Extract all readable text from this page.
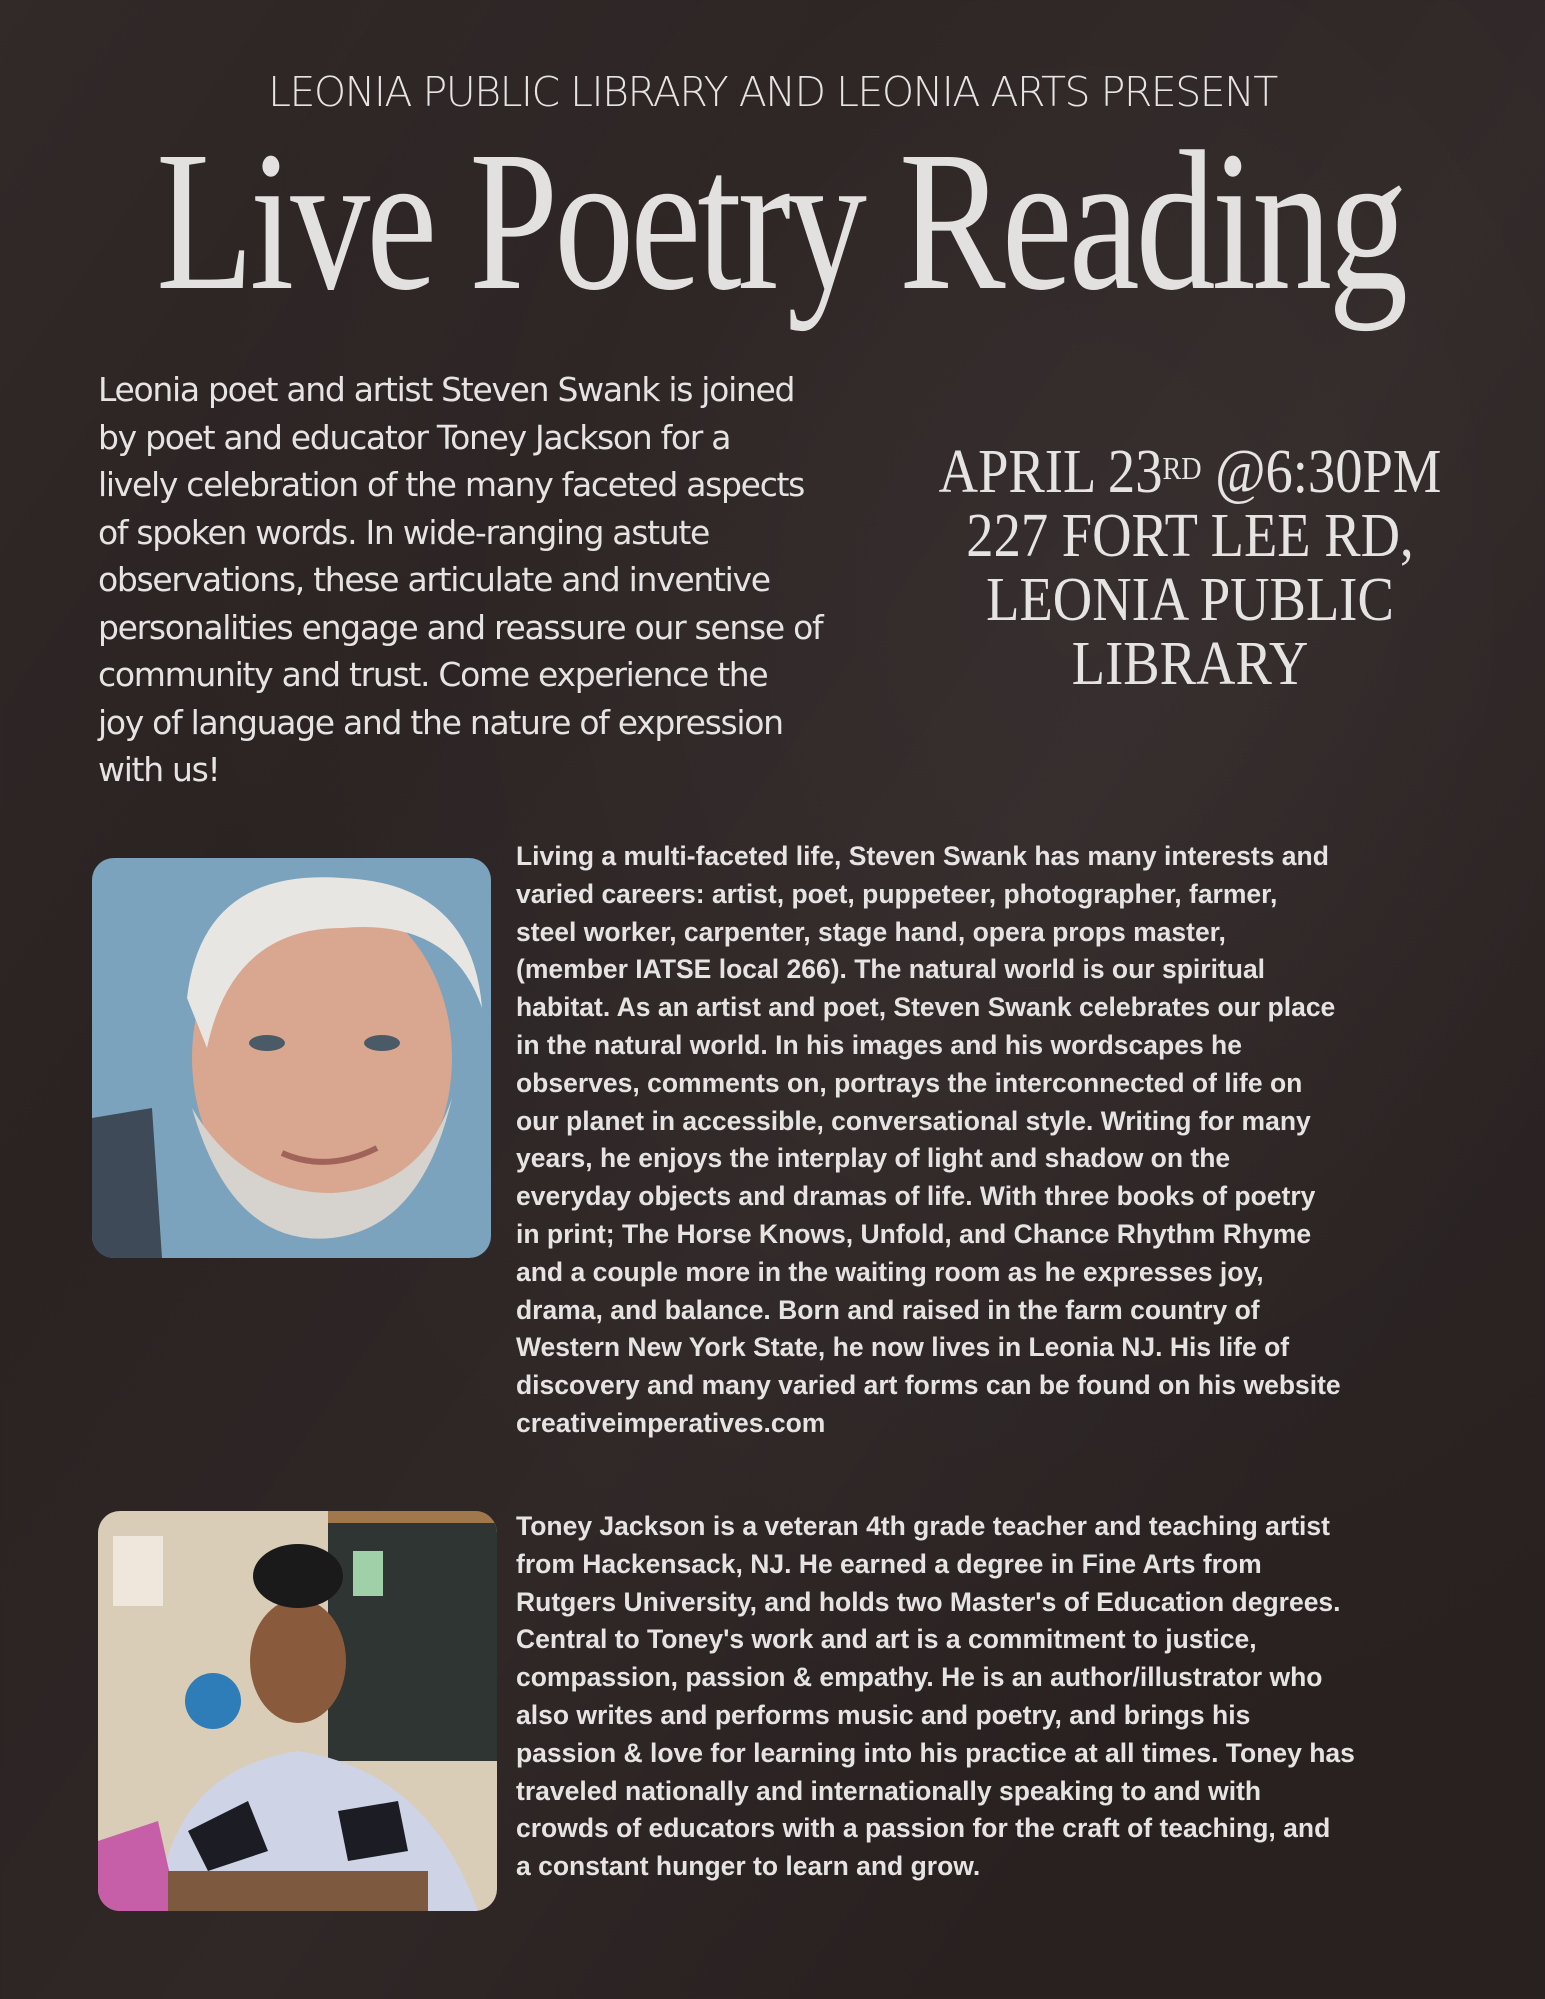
LEONIA PUBLIC LIBRARY AND LEONIA ARTS PRESENT
Live Poetry Reading
Leonia poet and artist Steven Swank is joined
by poet and educator Toney Jackson for a
lively celebration of the many faceted aspects
of spoken words. In wide-ranging astute
observations, these articulate and inventive
personalities engage and reassure our sense of
community and trust. Come experience the
joy of language and the nature of expression
with us!
APRIL 23RD @6:30PM
227 FORT LEE RD,
LEONIA PUBLIC
LIBRARY
Living a multi-faceted life, Steven Swank has many interests and
varied careers: artist, poet, puppeteer, photographer, farmer,
steel worker, carpenter, stage hand, opera props master,
(member IATSE local 266). The natural world is our spiritual
habitat. As an artist and poet, Steven Swank celebrates our place
in the natural world. In his images and his wordscapes he
observes, comments on, portrays the interconnected of life on
our planet in accessible, conversational style. Writing for many
years, he enjoys the interplay of light and shadow on the
everyday objects and dramas of life. With three books of poetry
in print; The Horse Knows, Unfold, and Chance Rhythm Rhyme
and a couple more in the waiting room as he expresses joy,
drama, and balance. Born and raised in the farm country of
Western New York State, he now lives in Leonia NJ. His life of
discovery and many varied art forms can be found on his website
creativeimperatives.com
Toney Jackson is a veteran 4th grade teacher and teaching artist
from Hackensack, NJ. He earned a degree in Fine Arts from
Rutgers University, and holds two Master's of Education degrees.
Central to Toney's work and art is a commitment to justice,
compassion, passion & empathy. He is an author/illustrator who
also writes and performs music and poetry, and brings his
passion & love for learning into his practice at all times. Toney has
traveled nationally and internationally speaking to and with
crowds of educators with a passion for the craft of teaching, and
a constant hunger to learn and grow.
